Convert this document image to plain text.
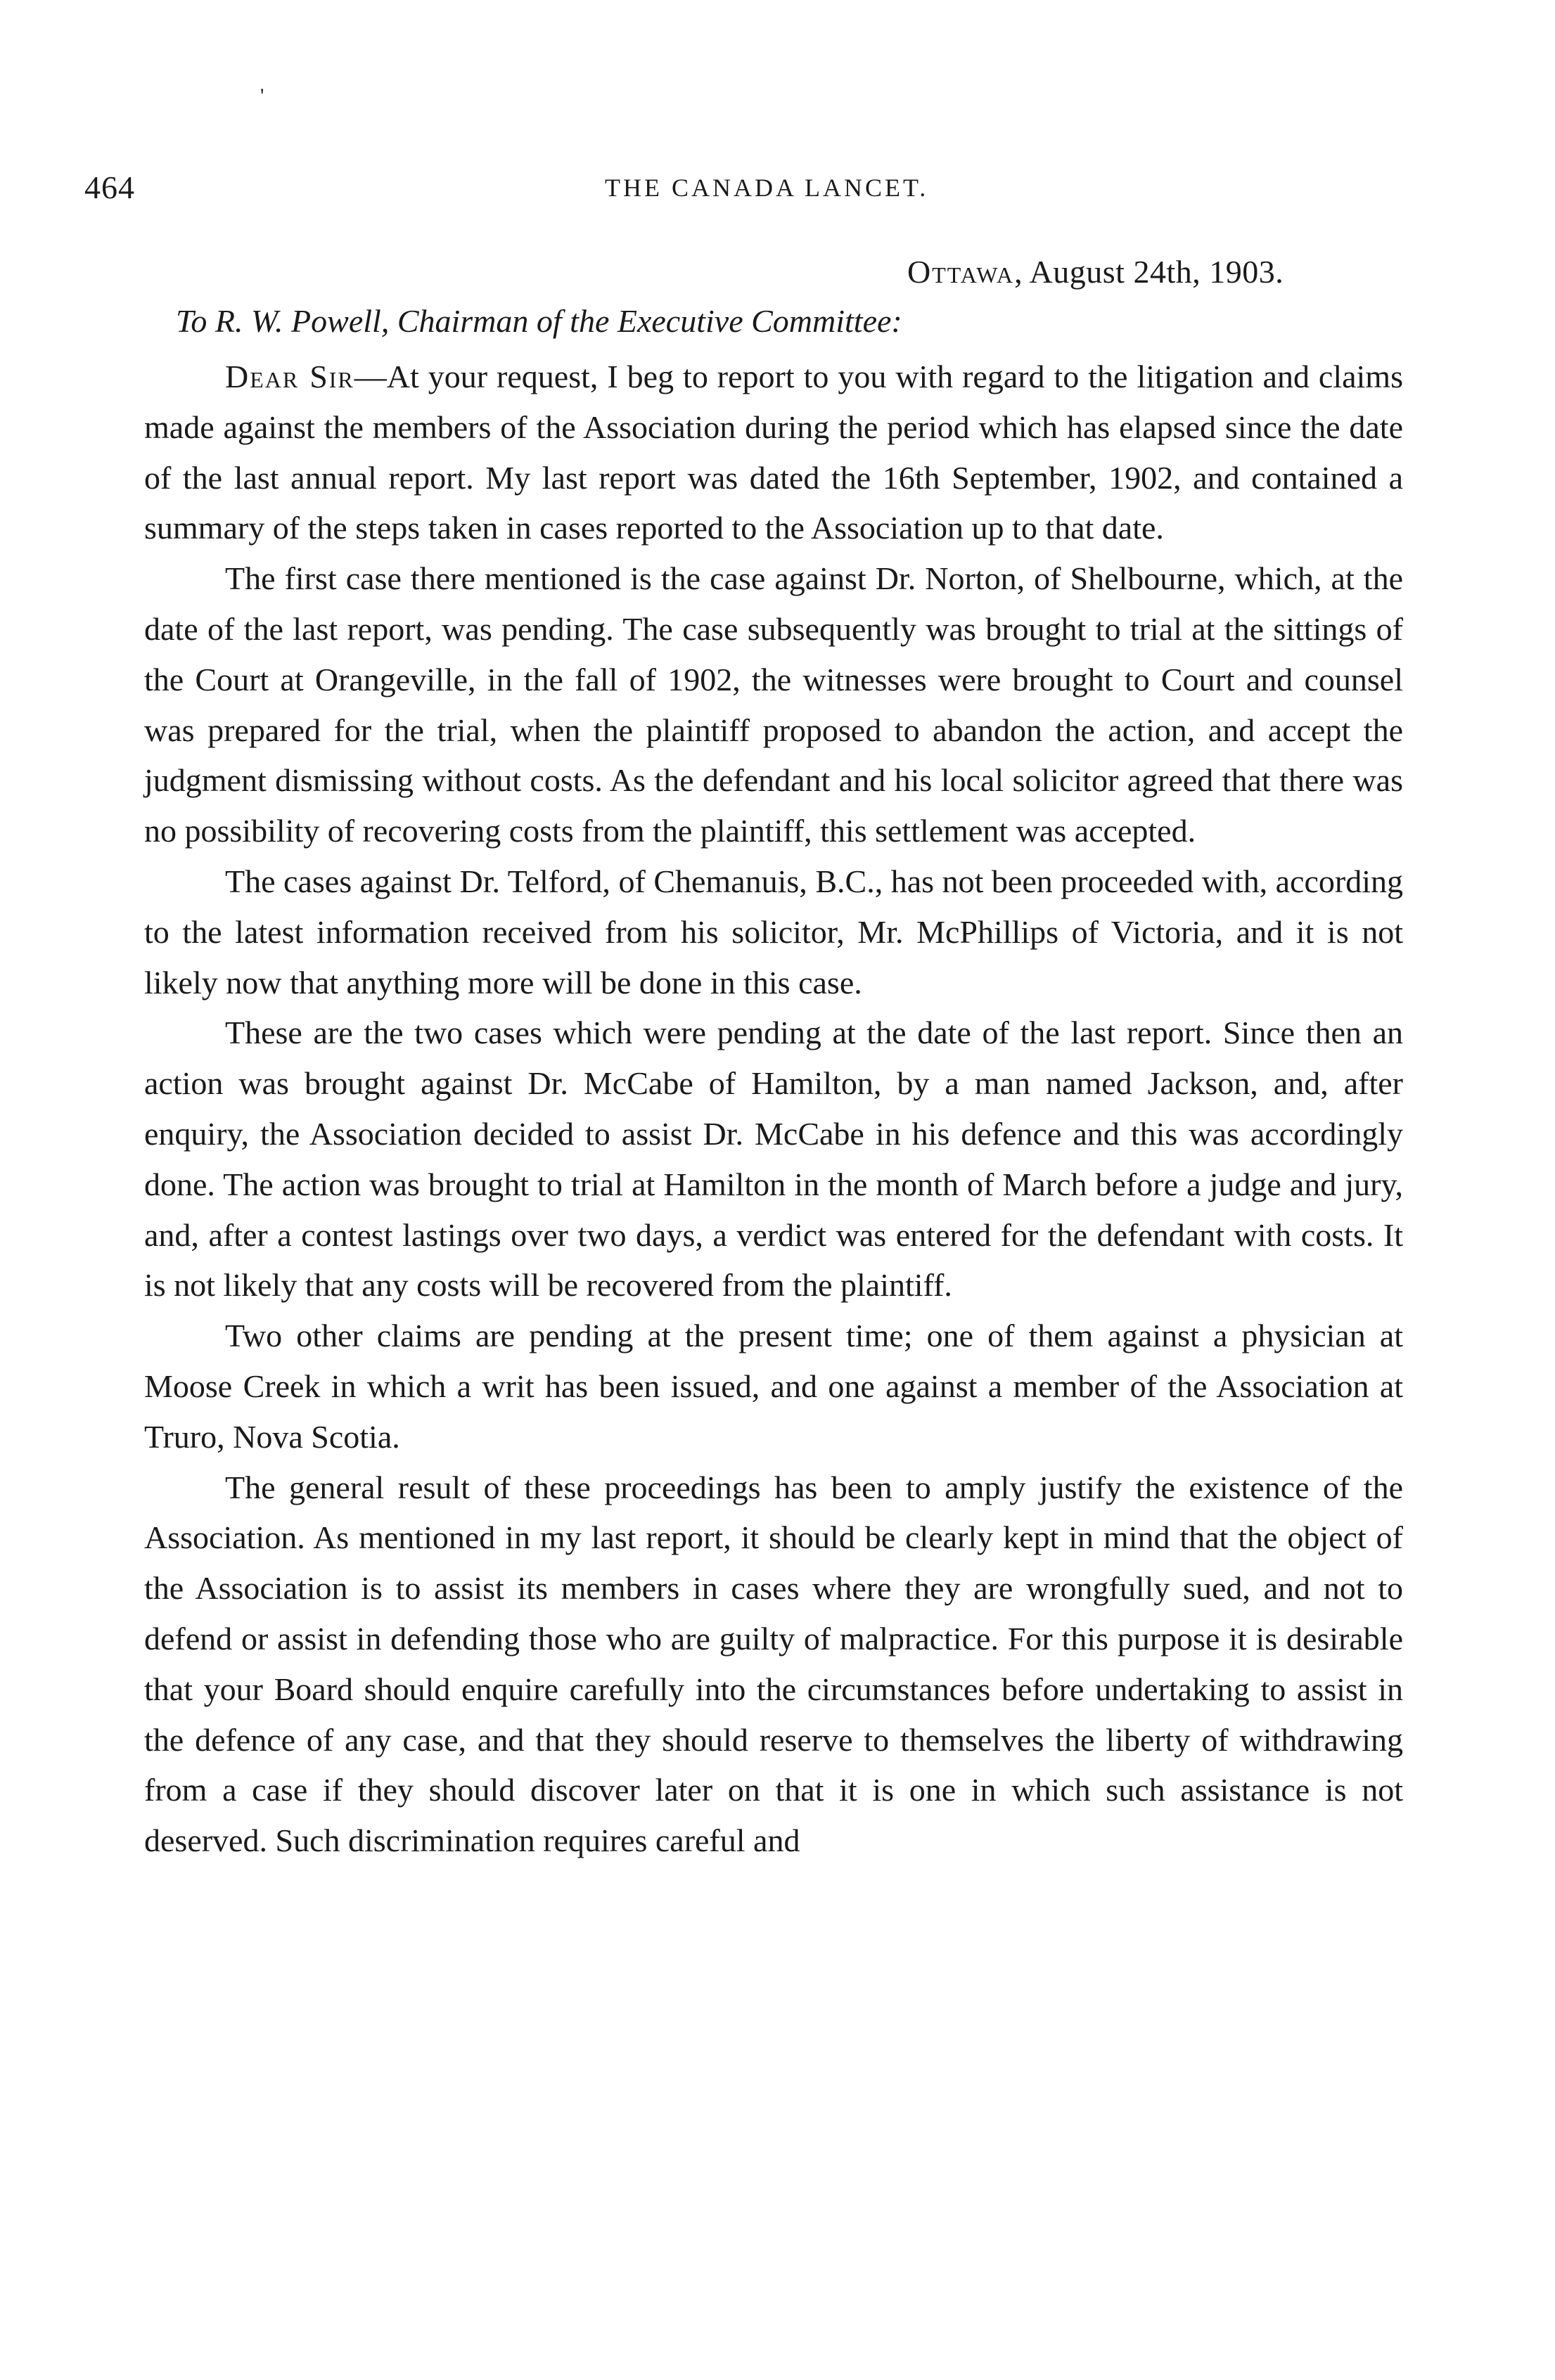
464	THE CANADA LANCET.
'
Ottawa, August 24th, 1903.
To R. W. Powell, Chairman of the Executive Committee:

Dear Sir—At your request, I beg to report to you with regard to the litigation and claims made against the members of the Association during the period which has elapsed since the date of the last annual report. My last report was dated the 16th September, 1902, and contained a summary of the steps taken in cases reported to the Association up to that date.

The first case there mentioned is the case against Dr. Norton, of Shelbourne, which, at the date of the last report, was pending. The case subsequently was brought to trial at the sittings of the Court at Orangeville, in the fall of 1902, the witnesses were brought to Court and counsel was prepared for the trial, when the plaintiff proposed to abandon the action, and accept the judgment dismissing without costs. As the defendant and his local solicitor agreed that there was no possibility of recovering costs from the plaintiff, this settlement was accepted.

The cases against Dr. Telford, of Chemanuis, B.C., has not been proceeded with, according to the latest information received from his solicitor, Mr. McPhillips of Victoria, and it is not likely now that anything more will be done in this case.

These are the two cases which were pending at the date of the last report. Since then an action was brought against Dr. McCabe of Hamilton, by a man named Jackson, and, after enquiry, the Association decided to assist Dr. McCabe in his defence and this was accordingly done. The action was brought to trial at Hamilton in the month of March before a judge and jury, and, after a contest lastings over two days, a verdict was entered for the defendant with costs. It is not likely that any costs will be recovered from the plaintiff.

Two other claims are pending at the present time; one of them against a physician at Moose Creek in which a writ has been issued, and one against a member of the Association at Truro, Nova Scotia.

The general result of these proceedings has been to amply justify the existence of the Association. As mentioned in my last report, it should be clearly kept in mind that the object of the Association is to assist its members in cases where they are wrongfully sued, and not to defend or assist in defending those who are guilty of malpractice. For this purpose it is desirable that your Board should enquire carefully into the circumstances before undertaking to assist in the defence of any case, and that they should reserve to themselves the liberty of withdrawing from a case if they should discover later on that it is one in which such assistance is not deserved. Such discrimination requires careful and
